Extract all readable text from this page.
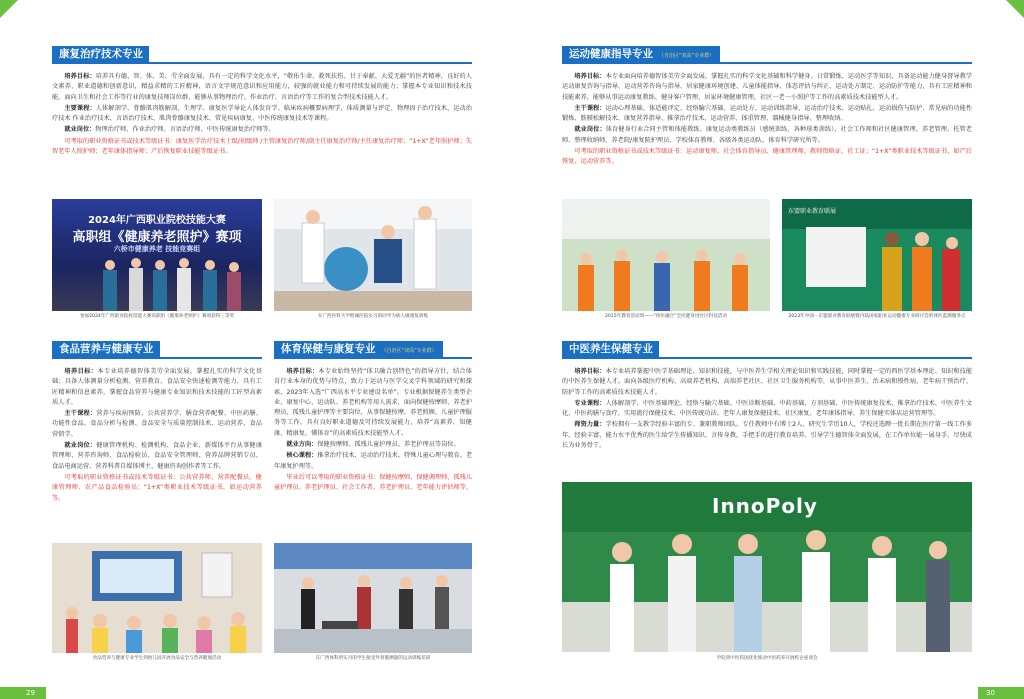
康复治疗技术专业

培养目标：培养具有德、智、体、美、劳全面发展，具有一定的科学文化水平，“敬佑生命、救死扶伤、甘于奉献、大爱无疆”的医者精神，良好的人文素养、职业道德和创新意识，精益求精的工匠精神，语言文字规范意识和应用能力，较强的就业能力和可持续发展的能力；掌握本专业知识和技术技能，面向卫生和社会工作等行业的康复技师岗位群，能够从事物理治疗、作业治疗、言语治疗等工作的复合型技术技能人才。

主要课程：人体解剖学、骨骼肌肉筋解剖、生理学、康复医学导论人体发育学、临床疾病概要病理学、体质测量与评定、物理因子治疗技术、运动治疗技术 作业治疗技术、言语治疗技术、肌肉骨骼康复技术、常见疾病康复、中医传统康复技术等课程。

就业岗位：物理治疗师、作业治疗师、言语治疗师、中医传统康复治疗师等。

可考取的职业资格证书或技术等级证书：康复医学治疗技术士级/初级师 /主管康复治疗师/副主任康复治疗师/主任康复治疗师；“1+X”老年照护师；失智老年人照护师；老年康体指导师；产后恢复职业技能等级证书。

2024年广西职业院校技能大赛
高职组《健康养老照护》赛项
六桥市健康养老 技能竞赛组
参加2024年广西职业院校技能大赛高职组《健康养老照护》赛项获得三等奖	在广西医科大学附属医院实习的同学为病人做康复训练
食品营养与健康专业

培养目标：本专业培养德智体美劳全面发展，掌握扎实的科学文化基础；具备人体测量分析检测、营养教育、食品安全快速检测等能力，具有工匠精神和信息素养，掌握食品营养与健康专业知识和技术技能的工匠型高素质人才。

主干课程：营养与疾病预防、公共营养学、膳食营养配餐、中医药膳、功能性食品、食品分析与检测、食品安全与质量控制技术、运动营养、食品营销学。

就业岗位：健康管理机构、检测机构、食品企业、新媒体平台从事健康管理师、营养咨询师、食品检验员、食品安全管理师、营养品牌营销专员、食品电商运营、营养科普自媒体博主、健康咨询创作者等工作。

可考取的职业资格证书或技术等级证书：公共营养师、营养配餐员、健康管理师、农产品食品检验员；“1+X”类职业技术等级证书，如运动营养等。

食品营养与健康专业学生到幼儿园开展食品安全与营养健康活动
体育保健与康复专业 （自治区“双高”专业群）

培养目标：本专业始终坚持“体卫融合创特色”的指导方针，结合体育行业本身的优势与特点，致力于运动与医学交叉学科领域的研究和探索，2023年入选“广西高水平专业建设名单”。专业根据保健养生类型企业，康复中心、运动队、养老机构等用人需求，面向保健按摩师、养老护理员、孤残儿童护理等主要岗位，从事保健按摩、养老照顾、儿童护理服务等工作，具有良好职业道德及可持续发展能力，培养“高素养、知健康、精康复、懂体育”的高素质技术技能型人才。

就业方向：保健按摩师、孤残儿童护理员、养老护理员等岗位。

核心课程：推拿治疗技术、运动治疗技术、特殊儿童心理与教育、老年康复护理等。

毕业后可以考取的职业资格证书：保健按摩师、保健调理师、孤残儿童护理员、养老护理员、社会工作者、养老护理员、老年能力评估师等。

在广西体科所实习的学生接受外骨骼测量的运动训练培训
29
运动健康指导专业 （自治区“双高”专业群）

培养目标：本专业面向培养德智体美劳全面发展，掌握扎实的科学文化基础和科学健身、日常锻炼、运动医学等知识，具备运动能力健身督导教学运动康复咨询与指导、运动营养咨询与指导、居家健康环境创建、儿童体能指导、体态评估与纠正、运动处方制定、运动防护等能力，具有工匠精神和技能素养，能够从事运动康复教练、健身客户管理、居家环境健康管理，社区一老一小照护等工作的高素质技术技能型人才。

主干课程：运动心理基础、体适能评定、经络腧穴基础、运动处方、运动训练指导、运动治疗技术、运动贴扎、运动损伤与防护、常见病的功能性锻炼、筋膜松解技术、康复营养指导、推拿治疗技术、运动营养、体重管理、器械健身指导、整理收纳。

就业岗位：体育健身行业合同主管和体能教练、康复运动类教练员（感统训练、各种球类训练），社会工作师和社区健康管理、养老管理、托管老师、整理收纳师、养老院/康复院护理员、学校体育教师、各级各类运动队、体育科学研究所等。

可考取的职业资格证书或技术等级证书：运动康复师、社会体育指导员、健康管理师、教师资格证、社工证；“1+X”类职业技术等级证书，如产后恢复、运动营养等。

2015年教育活动周——“体医融合”全民健身进社区科技活动
东盟职业教育联展
2023年中国－东盟职业教育联展暨内陆国家职业运动健康专业研讨会的体医监测服务点
中医养生保健专业

培养目标：本专业培养掌握中医学基础理论、知识和技能，与中医养生学相关理论知识和实践技能，同时掌握一定的西医学基本理论、知识和技能的中医养生保健人才。面向各级医疗机构、高端养老机构、高端养老社区、社区卫生服务机构等，从事中医养生、治未病和慢性病、老年病干预治疗、防护等工作的高素质技术技能人才。

专业课程：人体解剖学、中医基础理论、经络与腧穴基础、中医诊断基础、中药基础、方剂基础、中医传统康复技术、推拿治疗技术、中医养生文化、中医药膳与食疗、实用流行保健技术、中医传统功法、老年人康复保健技术、社区康复、老年康体指导、养生保健实体店运营管理等。

师资力量：学校拥有一支教学经验丰富的专、兼职教师团队。专任教师中有博士2人、研究生学历10人，学校还选聘一批长期在医疗第一线工作多年、经验丰富、能力水平优秀的医生给学生传播知识、言传身教，手把手的进行教育培养。引导学生德智体全面发展，在工作单位能一展身手，尽快成长为业务骨干。

InnoPoly
学院到中医药国优化推动中医药养开展校企座谈会
30
